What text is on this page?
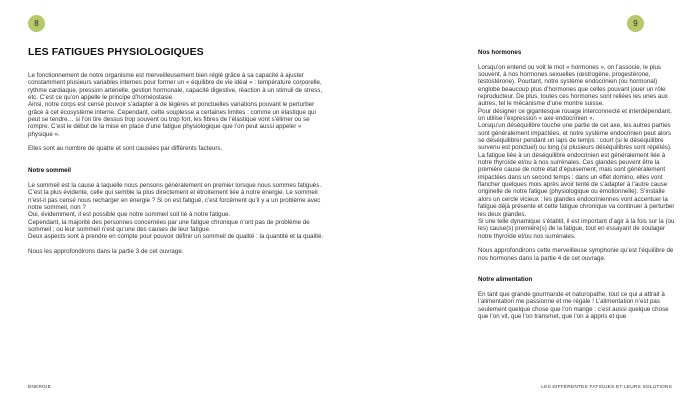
8	9
LES FATIGUES PHYSIOLOGIQUES

Le fonctionnement de notre organisme est merveilleusement bien réglé grâce à sa capacité à ajuster constamment plusieurs variables internes pour former un « équilibre de vie idéal » : température corporelle, rythme cardiaque, pression artérielle, gestion hormonale, capacité digestive, réaction à un stimuli de stress, etc. C’est ce qu’on appelle le principe d’homéostasie.

Ainsi, notre corps est censé pouvoir s’adapter à de légères et ponctuelles variations pouvant le perturber grâce à cet écosystème interne. Cependant, cette souplesse a certaines limites : comme un élastique qui peut se tendre… si l’on tire dessus trop souvent ou trop fort, les fibres de l’élastique vont s’élimer ou se rompre. C’est le début de la mise en place d’une fatigue physiologique que l’on peut aussi appeler « physique ».

Elles sont au nombre de quatre et sont causées par différents facteurs.

Notre sommeil

Le sommeil est la cause à laquelle nous pensons généralement en premier lorsque nous sommes fatigués. C’est la plus évidente, celle qui semble la plus directement et étroitement liée à notre énergie. Le sommeil n’est-il pas censé nous recharger en énergie ? Si on est fatigué, c’est forcément qu’il y a un problème avec notre sommeil, non ?

Oui, évidemment, il est possible que notre sommeil soit lié à notre fatigue.

Cependant, la majorité des personnes concernées par une fatigue chronique n’ont pas de problème de sommeil ; ou leur sommeil n’est qu’une des causes de leur fatigue.

Deux aspects sont à prendre en compte pour pouvoir définir un sommeil de qualité : la quantité et la qualité.

Nous les approfondirons dans la partie 3 de cet ouvrage.

Nos hormones

Lorsqu’on entend ou voit le mot « hormones », on l’associe, le plus souvent, à nos hormones sexuelles (œstrogène, progestérone, testostérone). Pourtant, notre système endocrinien (ou hormonal) englobe beaucoup plus d’hormones que celles pouvant jouer un rôle reproducteur. De plus, toutes ces hormones sont reliées les unes aux autres, tel le mécanisme d’une montre suisse.

Pour désigner ce gigantesque rouage interconnecté et interdépendant, on utilise l’expression « axe endocrinien ».

Lorsqu’un déséquilibre touche une partie de cet axe, les autres parties sont généralement impactées, et notre système endocrinien peut alors se déséquilibrer pendant un laps de temps : court (si le déséquilibre survenu est ponctuel) ou long (si plusieurs déséquilibres sont répétés).

La fatigue liée à un déséquilibre endocrinien est généralement liée à notre thyroïde et/ou à nos surrénales. Ces glandes peuvent être la première cause de notre état d’épuisement, mais sont généralement impactées dans un second temps : dans un effet domino, elles vont flancher quelques mois après avoir tenté de s’adapter à l’autre cause originelle de notre fatigue (physiologique ou émotionnelle). S’installe alors un cercle vicieux : les glandes endocriniennes vont accentuer la fatigue déjà présente et cette fatigue chronique va continuer à perturber les deux glandes.

Si une telle dynamique s’établit, il est important d’agir à la fois sur la (ou les) cause(s) première(s) de la fatigue, tout en essayant de soulager notre thyroïde et/ou nos surrénales.

Nous approfondirons cette merveilleuse symphonie qu’est l’équilibre de nos hormones dans la partie 4 de cet ouvrage.

Notre alimentation

En tant que grande gourmande et naturopathe, tout ce qui a attrait à l’alimentation me passionne et me régale ! L’alimentation n’est pas seulement quelque chose que l’on mange : c’est aussi quelque chose que l’on vit, que l’on transmet, que l’on a appris et que

ÉNERGIE	LES DIFFÉRENTES FATIGUES ET LEURS SOLUTIONS
